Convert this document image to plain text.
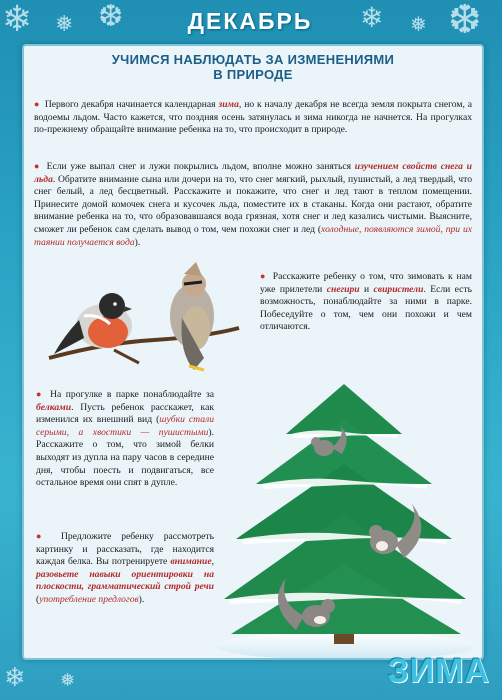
❄ ❅ ❆	❄ ❅ ❆
❄ ❅
ДЕКАБРЬ
УЧИМСЯ НАБЛЮДАТЬ ЗА ИЗМЕНЕНИЯМИ
В ПРИРОДЕ

● Первого декабря начинается календарная зима, но к началу декабря не всегда земля покрыта снегом, а водоемы льдом. Часто кажется, что поздняя осень затянулась и зима никогда не начнется. На прогулках по-прежнему обращайте внимание ребенка на то, что происходит в природе.

● Если уже выпал снег и лужи покрылись льдом, вполне можно заняться изучением свойств снега и льда. Обратите внимание сына или дочери на то, что снег мягкий, рыхлый, пушистый, а лед твердый, что снег белый, а лед бесцветный. Расскажите и покажите, что снег и лед тают в теплом помещении. Принесите домой комочек снега и кусочек льда, поместите их в стаканы. Когда они растают, обратите внимание ребенка на то, что образовавшаяся вода грязная, хотя снег и лед казались чистыми. Выясните, сможет ли ребенок сам сделать вывод о том, чем похожи снег и лед (холодные, появляются зимой, при их таянии получается вода).

● Расскажите ребенку о том, что зимовать к нам уже прилетели снегири и свиристели. Если есть возможность, понаблюдайте за ними в парке. Побеседуйте о том, чем они похожи и чем отличаются.

● На прогулке в парке понаблюдайте за белками. Пусть ребенок расскажет, как изменился их внешний вид (шубки стали серыми, а хвостики — пушистыми). Расскажите о том, что зимой белки выходят из дупла на пару часов в середине дня, чтобы поесть и подвигаться, все остальное время они спят в дупле.

● Предложите ребенку рассмотреть картинку и рассказать, где находится каждая белка. Вы потренируете внимание, разовьете навыки ориентировки на плоскости, грамматический строй речи (употребление предлогов).

ЗИМА
